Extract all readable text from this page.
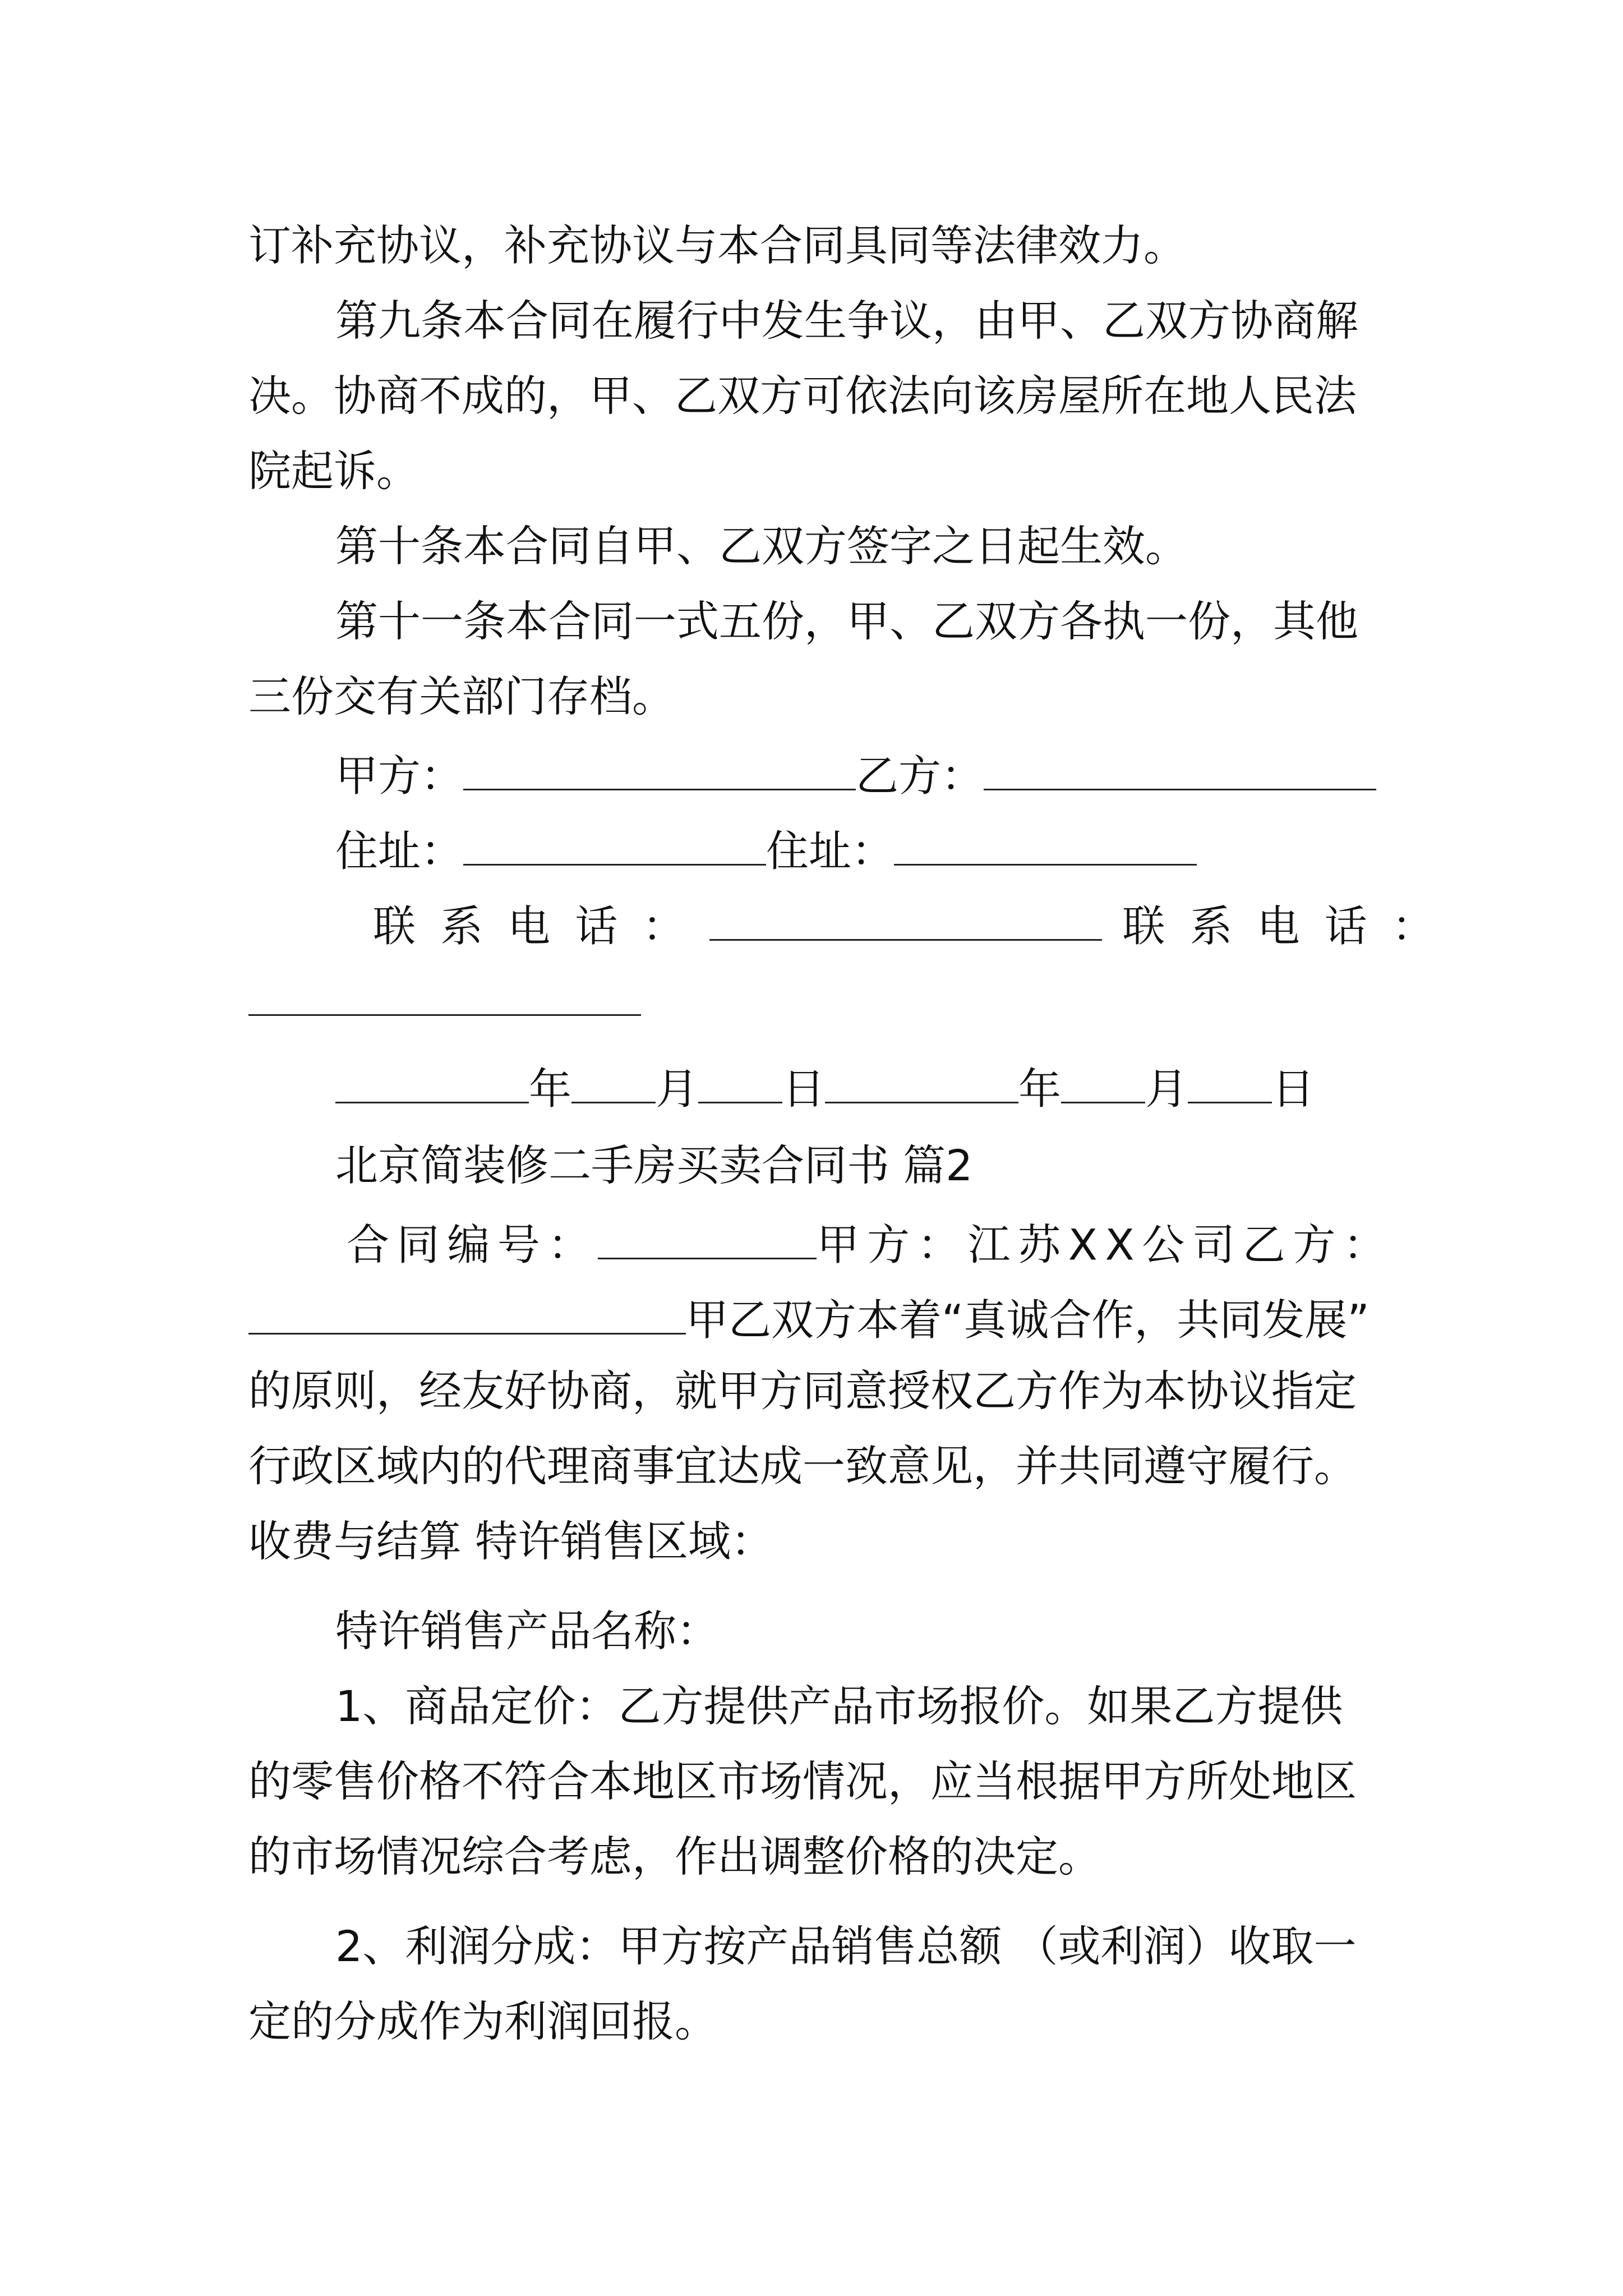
订补充协议，补充协议与本合同具同等法律效力。
第九条本合同在履行中发生争议，由甲、乙双方协商解
决。协商不成的，甲、乙双方可依法向该房屋所在地人民法
院起诉。
第十条本合同自甲、乙双方签字之日起生效。
第十一条本合同一式五份，甲、乙双方各执一份，其他
三份交有关部门存档。
甲方：	乙方：
住址：	住址：
联系电话：	联系电话：
年 月 日	年 月 日
北京简装修二手房买卖合同书 篇2
合同编号：	甲方：江苏XX公司乙方：
甲乙双方本着“真诚合作，共同发展”
的原则，经友好协商，就甲方同意授权乙方作为本协议指定
行政区域内的代理商事宜达成一致意见，并共同遵守履行。
收费与结算 特许销售区域：
特许销售产品名称：
1、商品定价：乙方提供产品市场报价。如果乙方提供
的零售价格不符合本地区市场情况，应当根据甲方所处地区
的市场情况综合考虑，作出调整价格的决定。
2、利润分成：甲方按产品销售总额 （或利润）收取一
定的分成作为利润回报。
